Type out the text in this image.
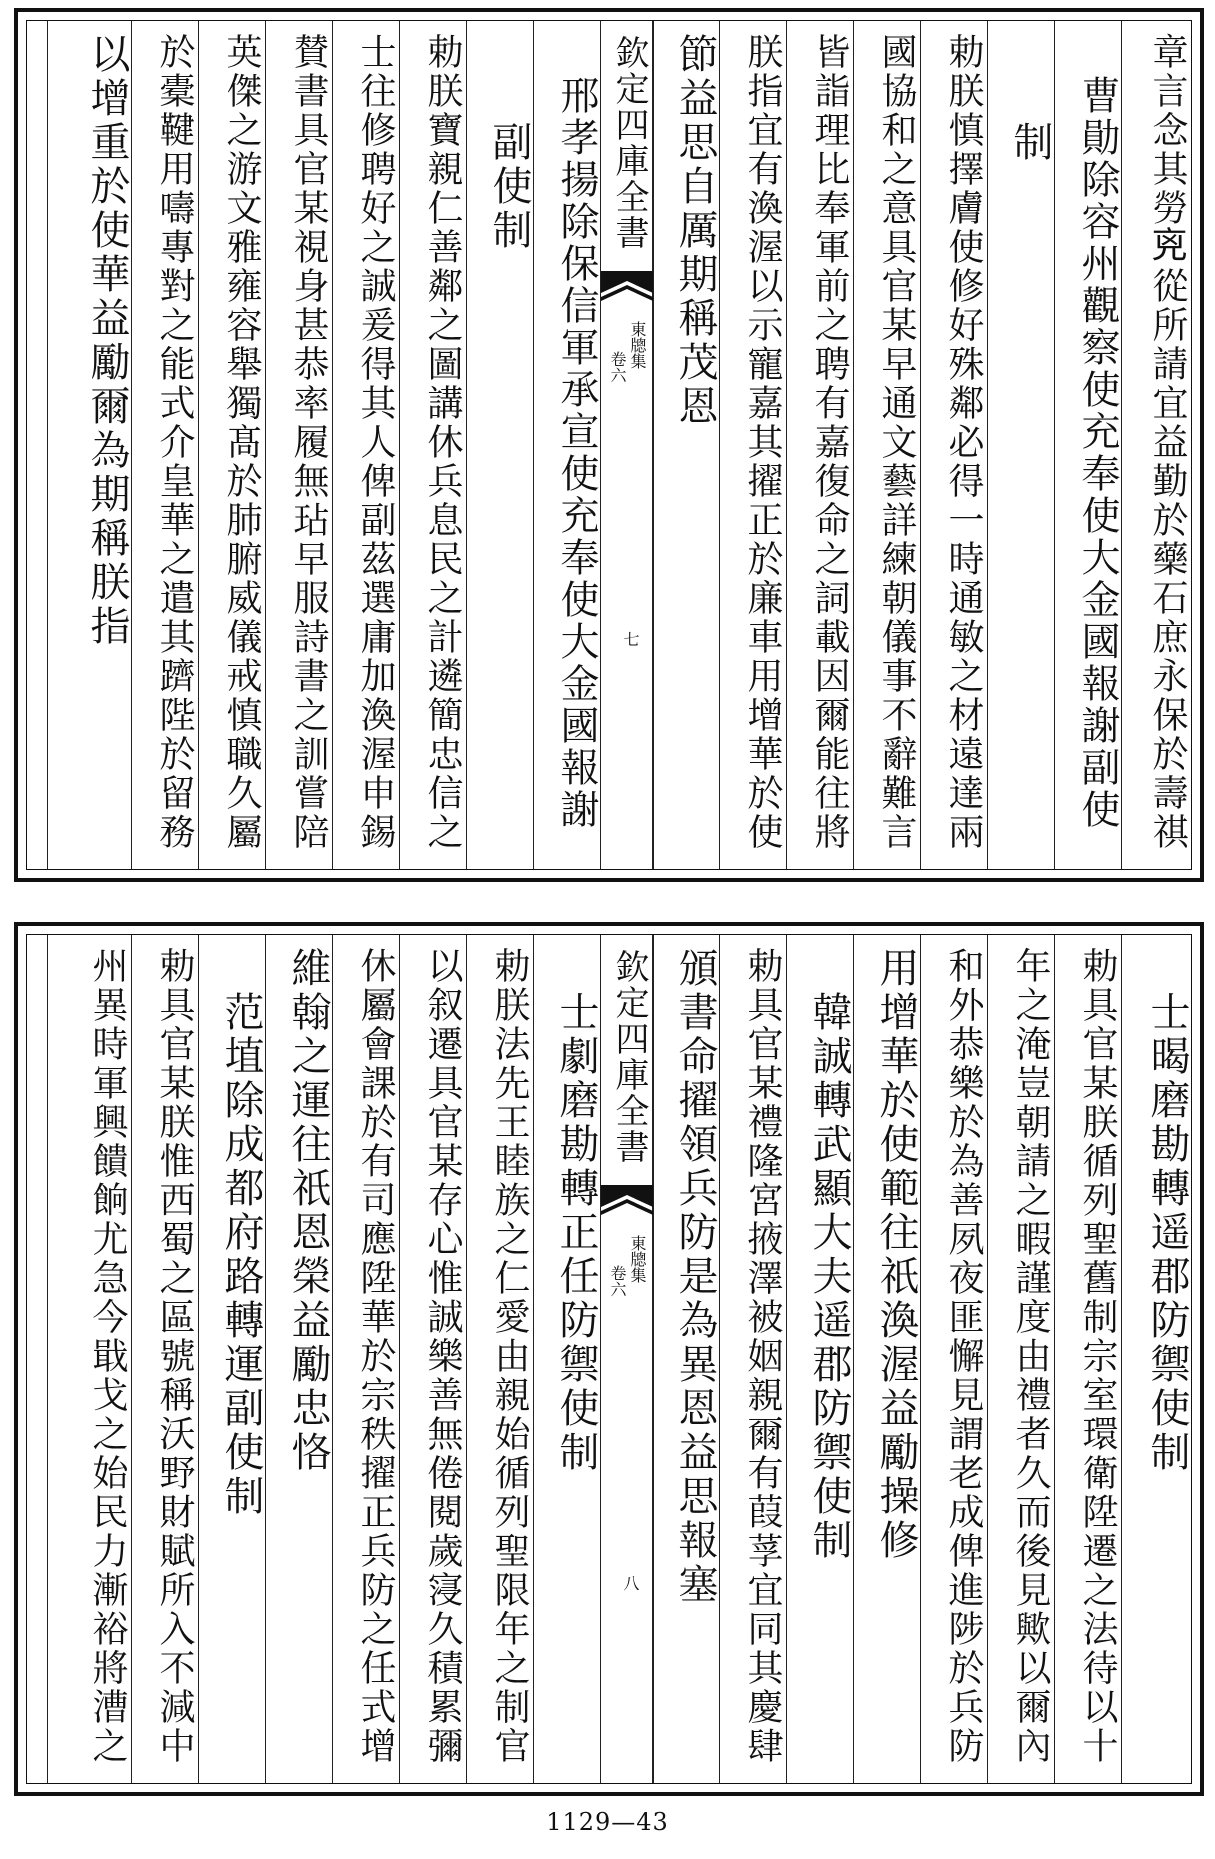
章言念其勞𠒋從所請宜益勤於藥石庶永保於壽祺
　曹勛除容州觀察使充奉使大金國報謝副使
　　制
勅朕慎擇膚使修好殊鄰必得一時通敏之材遠達兩
國協和之意具官某早通文藝詳練朝儀事不辭難言
皆詣理比奉軍前之聘有嘉復命之詞載因爾能往將
朕指宜有渙渥以示寵嘉其擢正於廉車用增華於使
節益思自厲期稱茂恩
欽定四庫全書
東牕集
卷六
七
　邢孝揚除保信軍承宣使充奉使大金國報謝
　　副使制
勅朕寶親仁善鄰之圖講休兵息民之計遴簡忠信之
士往修聘好之誠爰得其人俾副茲選庸加渙渥申錫
賛書具官某視身甚恭率履無玷早服詩書之訓嘗陪
英傑之游文雅雍容舉獨髙於肺腑威儀戒慎職久屬
於橐鞬用嚋專對之能式介皇華之遣其躋陛於留務
以增重於使華益勵爾為期稱朕指
　士暍磨勘轉遥郡防禦使制
勅具官某朕循列聖舊制宗室環衛陞遷之法待以十
年之淹豈朝請之暇謹度由禮者久而後見歟以爾內
和外恭樂於為善夙夜匪懈見謂老成俾進陟於兵防
用增華於使範往祇渙渥益勵操修
　韓誠轉武顯大夫遥郡防禦使制
勅具官某禮隆宮掖澤被姻親爾有葭莩宜同其慶肆
頒書命擢領兵防是為異恩益思報塞
欽定四庫全書
東牕集
卷六
八
　士劇磨勘轉正任防禦使制
勅朕法先王睦族之仁愛由親始循列聖限年之制官
以叙遷具官某存心惟誠樂善無倦閱歲寖久積累彌
休屬會課於有司應陞華於宗秩擢正兵防之任式增
維翰之運往祇恩榮益勵忠恪
　范埴除成都府路轉運副使制
勅具官某朕惟西蜀之區號稱沃野財賦所入不減中
州異時軍興饋餉尤急今戢戈之始民力漸裕將漕之
1129—43
